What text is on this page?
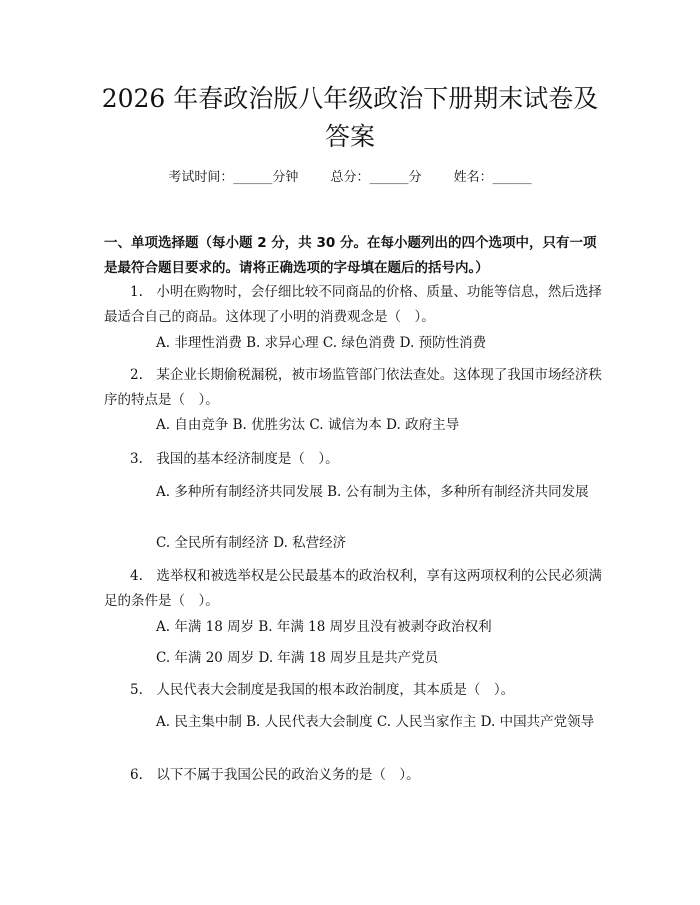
2026 年春政治版八年级政治下册期末试卷及
答案
考试时间：______分钟 总分：______分 姓名：______
一、单项选择题（每小题 2 分，共 30 分。在每小题列出的四个选项中，只有一项是最符合题目要求的。请将正确选项的字母填在题后的括号内。）

1.　小明在购物时，会仔细比较不同商品的价格、质量、功能等信息，然后选择最适合自己的商品。这体现了小明的消费观念是（　）。

A. 非理性消费 B. 求异心理 C. 绿色消费 D. 预防性消费

2.　某企业长期偷税漏税，被市场监管部门依法查处。这体现了我国市场经济秩序的特点是（　）。

A. 自由竞争 B. 优胜劣汰 C. 诚信为本 D. 政府主导

3.　我国的基本经济制度是（　）。

A. 多种所有制经济共同发展 B. 公有制为主体，多种所有制经济共同发展

C. 全民所有制经济 D. 私营经济

4.　选举权和被选举权是公民最基本的政治权利，享有这两项权利的公民必须满足的条件是（　）。

A. 年满 18 周岁 B. 年满 18 周岁且没有被剥夺政治权利

C. 年满 20 周岁 D. 年满 18 周岁且是共产党员

5.　人民代表大会制度是我国的根本政治制度，其本质是（　）。

A. 民主集中制 B. 人民代表大会制度 C. 人民当家作主 D. 中国共产党领导

6.　以下不属于我国公民的政治义务的是（　）。
